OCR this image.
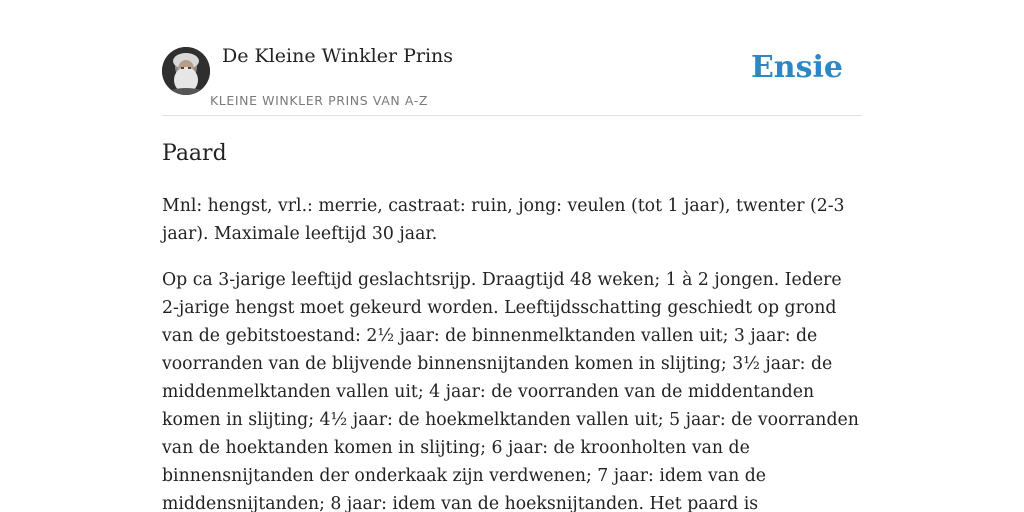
De Kleine Winkler Prins
KLEINE WINKLER PRINS VAN A-Z
Ensie
Paard

Mnl: hengst, vrl.: merrie, castraat: ruin, jong: veulen (tot 1 jaar), twenter (2-3 jaar). Maximale leeftijd 30 jaar.

Op ca 3-jarige leeftijd geslachtsrijp. Draagtijd 48 weken; 1 à 2 jongen. Iedere 2-jarige hengst moet gekeurd worden. Leeftijdsschatting geschiedt op grond van de gebitstoestand: 2½ jaar: de binnenmelktanden vallen uit; 3 jaar: de voorranden van de blijvende binnensnijtanden komen in slijting; 3½ jaar: de middenmelktanden vallen uit; 4 jaar: de voorranden van de middentanden komen in slijting; 4½ jaar: de hoekmelktanden vallen uit; 5 jaar: de voorranden van de hoektanden komen in slijting; 6 jaar: de kroonholten van de binnensnijtanden der onderkaak zijn verdwenen; 7 jaar: idem van de middensnijtanden; 8 jaar: idem van de hoeksnijtanden. Het paard is
